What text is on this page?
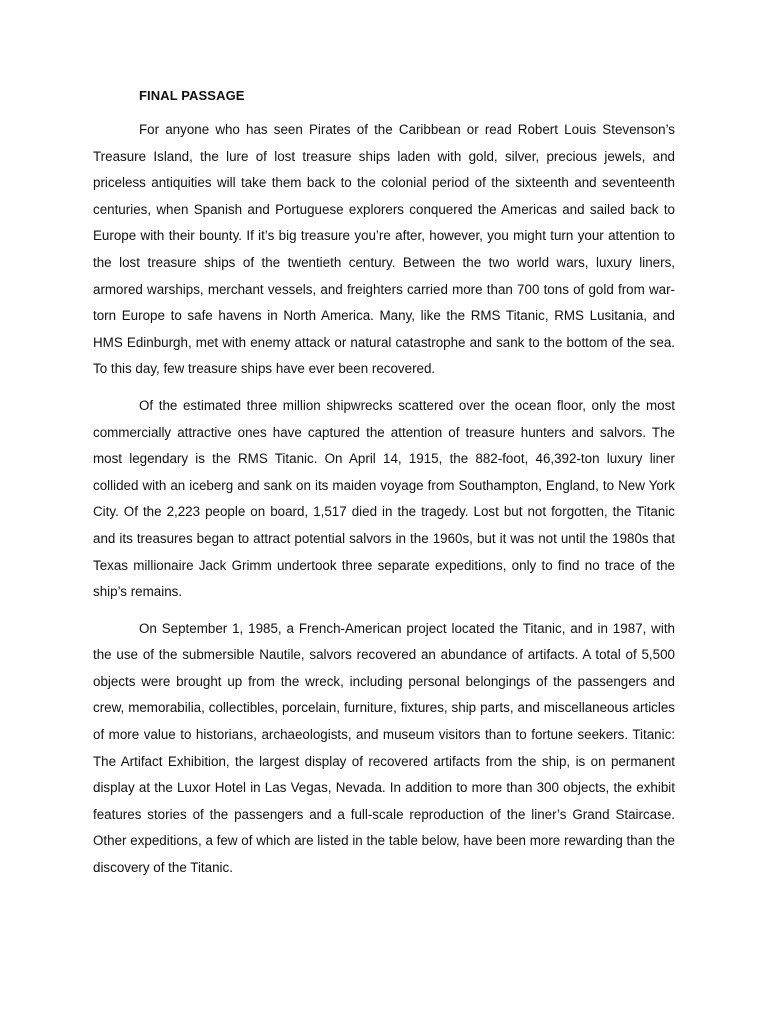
FINAL PASSAGE

For anyone who has seen Pirates of the Caribbean or read Robert Louis Stevenson’s Treasure Island, the lure of lost treasure ships laden with gold, silver, precious jewels, and priceless antiquities will take them back to the colonial period of the sixteenth and seventeenth centuries, when Spanish and Portuguese explorers conquered the Americas and sailed back to Europe with their bounty. If it’s big treasure you’re after, however, you might turn your attention to the lost treasure ships of the twentieth century. Between the two world wars, luxury liners, armored warships, merchant vessels, and freighters carried more than 700 tons of gold from war-torn Europe to safe havens in North America. Many, like the RMS Titanic, RMS Lusitania, and HMS Edinburgh, met with enemy attack or natural catastrophe and sank to the bottom of the sea. To this day, few treasure ships have ever been recovered.

Of the estimated three million shipwrecks scattered over the ocean floor, only the most commercially attractive ones have captured the attention of treasure hunters and salvors. The most legendary is the RMS Titanic. On April 14, 1915, the 882-foot, 46,392-ton luxury liner collided with an iceberg and sank on its maiden voyage from Southampton, England, to New York City. Of the 2,223 people on board, 1,517 died in the tragedy. Lost but not forgotten, the Titanic and its treasures began to attract potential salvors in the 1960s, but it was not until the 1980s that Texas millionaire Jack Grimm undertook three separate expeditions, only to find no trace of the ship’s remains.

On September 1, 1985, a French-American project located the Titanic, and in 1987, with the use of the submersible Nautile, salvors recovered an abundance of artifacts. A total of 5,500 objects were brought up from the wreck, including personal belongings of the passengers and crew, memorabilia, collectibles, porcelain, furniture, fixtures, ship parts, and miscellaneous articles of more value to historians, archaeologists, and museum visitors than to fortune seekers. Titanic: The Artifact Exhibition, the largest display of recovered artifacts from the ship, is on permanent display at the Luxor Hotel in Las Vegas, Nevada. In addition to more than 300 objects, the exhibit features stories of the passengers and a full-scale reproduction of the liner’s Grand Staircase. Other expeditions, a few of which are listed in the table below, have been more rewarding than the discovery of the Titanic.
